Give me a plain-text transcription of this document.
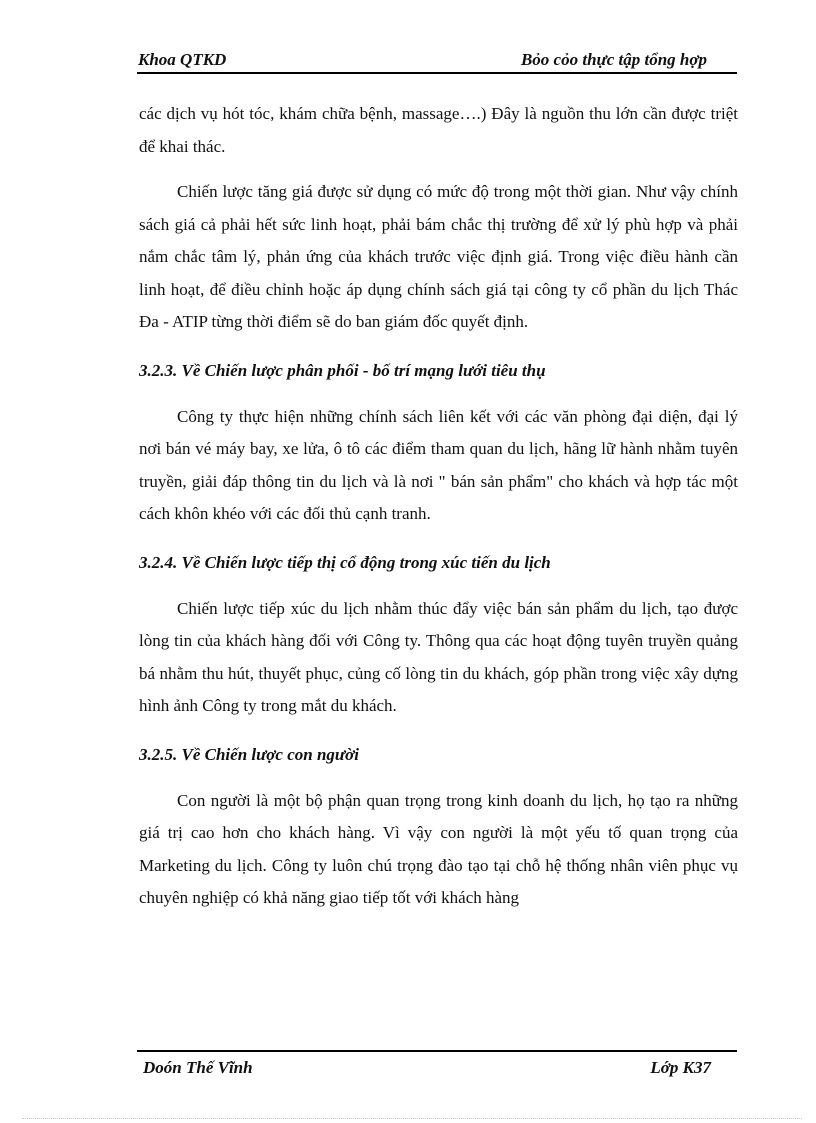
Khoa QTKD	Bỏo cỏo thực tập tổng hợp

các dịch vụ hót tóc, khám chữa bệnh, massage….) Đây là nguồn thu lớn cần được triệt để khai thác.

Chiến lược tăng giá được sử dụng có mức độ trong một thời gian. Như vậy chính sách giá cả phải hết sức linh hoạt, phải bám chắc thị trường để xử lý phù hợp và phải nắm chắc tâm lý, phản ứng của khách trước việc định giá. Trong việc điều hành cần linh hoạt, để điều chỉnh hoặc áp dụng chính sách giá tại công ty cổ phần du lịch Thác Đa - ATIP từng thời điểm sẽ do ban giám đốc quyết định.

3.2.3. Về Chiến lược phân phối - bố trí mạng lưới tiêu thụ

Công ty thực hiện những chính sách liên kết với các văn phòng đại diện, đại lý nơi bán vé máy bay, xe lửa, ô tô các điểm tham quan du lịch, hãng lữ hành nhằm tuyên truyền, giải đáp thông tin du lịch và là nơi " bán sản phẩm" cho khách và hợp tác một cách khôn khéo với các đối thủ cạnh tranh.

3.2.4. Về Chiến lược tiếp thị cổ động trong xúc tiến du lịch

Chiến lược tiếp xúc du lịch nhằm thúc đẩy việc bán sản phẩm du lịch, tạo được lòng tin của khách hàng đối với Công ty. Thông qua các hoạt động tuyên truyền quảng bá nhằm thu hút, thuyết phục, củng cố lòng tin du khách, góp phần trong việc xây dựng hình ảnh Công ty trong mắt du khách.

3.2.5. Về Chiến lược con người

Con người là một bộ phận quan trọng trong kinh doanh du lịch, họ tạo ra những giá trị cao hơn cho khách hàng. Vì vậy con người là một yếu tố quan trọng của Marketing du lịch. Công ty luôn chú trọng đào tạo tại chỗ hệ thống nhân viên phục vụ chuyên nghiệp có khả năng giao tiếp tốt với khách hàng

Doón Thế Vĩnh	Lớp K37
